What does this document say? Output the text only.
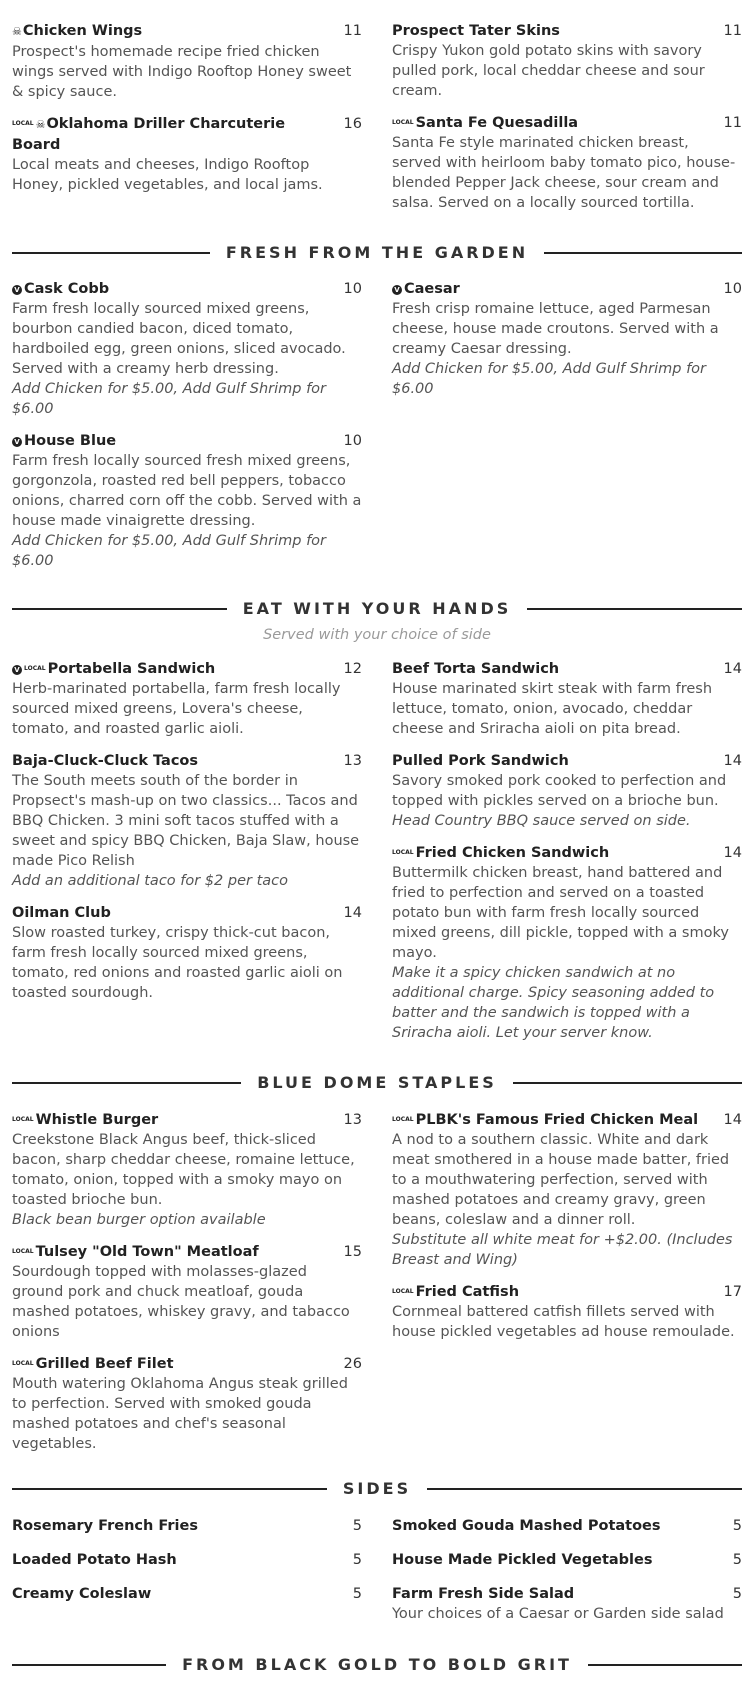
☠Chicken Wings	11
Prospect's homemade recipe fried chicken wings served with Indigo Rooftop Honey sweet & spicy sauce.
$^{LOCAL}$ ☠Oklahoma Driller Charcuterie Board
16
Local meats and cheeses, Indigo Rooftop Honey, pickled vegetables, and local jams.
Prospect Tater Skins	11
Crispy Yukon gold potato skins with savory pulled pork, local cheddar cheese and sour cream.
$^{LOCAL}$ Santa Fe Quesadilla	11
Santa Fe style marinated chicken breast, served with heirloom baby tomato pico, house-blended Pepper Jack cheese, sour cream and salsa. Served on a locally sourced tortilla.
FRESH FROM THE GARDEN
V Cask Cobb	10
Farm fresh locally sourced mixed greens, bourbon candied bacon, diced tomato, hardboiled egg, green onions, sliced avocado. Served with a creamy herb dressing.
Add Chicken for $5.00, Add Gulf Shrimp for $6.00
V House Blue	10
Farm fresh locally sourced fresh mixed greens, gorgonzola, roasted red bell peppers, tobacco onions, charred corn off the cobb. Served with a house made vinaigrette dressing.
Add Chicken for $5.00, Add Gulf Shrimp for $6.00
V Caesar	10
Fresh crisp romaine lettuce, aged Parmesan cheese, house made croutons. Served with a creamy Caesar dressing.
Add Chicken for $5.00, Add Gulf Shrimp for $6.00
EAT WITH YOUR HANDS
Served with your choice of side
V $^{LOCAL}$ Portabella Sandwich	12
Herb-marinated portabella, farm fresh locally sourced mixed greens, Lovera's cheese, tomato, and roasted garlic aioli.
Baja-Cluck-Cluck Tacos	13
The South meets south of the border in Propsect's mash-up on two classics... Tacos and BBQ Chicken. 3 mini soft tacos stuffed with a sweet and spicy BBQ Chicken, Baja Slaw, house made Pico Relish
Add an additional taco for $2 per taco
Oilman Club	14
Slow roasted turkey, crispy thick-cut bacon, farm fresh locally sourced mixed greens, tomato, red onions and roasted garlic aioli on toasted sourdough.
Beef Torta Sandwich	14
House marinated skirt steak with farm fresh lettuce, tomato, onion, avocado, cheddar cheese and Sriracha aioli on pita bread.
Pulled Pork Sandwich	14
Savory smoked pork cooked to perfection and topped with pickles served on a brioche bun.
Head Country BBQ sauce served on side.
$^{LOCAL}$ Fried Chicken Sandwich	14
Buttermilk chicken breast, hand battered and fried to perfection and served on a toasted potato bun with farm fresh locally sourced mixed greens, dill pickle, topped with a smoky mayo.
Make it a spicy chicken sandwich at no additional charge. Spicy seasoning added to batter and the sandwich is topped with a Sriracha aioli. Let your server know.
BLUE DOME STAPLES
$^{LOCAL}$ Whistle Burger	13
Creekstone Black Angus beef, thick-sliced bacon, sharp cheddar cheese, romaine lettuce, tomato, onion, topped with a smoky mayo on toasted brioche bun.
Black bean burger option available
$^{LOCAL}$ Tulsey "Old Town" Meatloaf	15
Sourdough topped with molasses-glazed ground pork and chuck meatloaf, gouda mashed potatoes, whiskey gravy, and tabacco onions
$^{LOCAL}$ Grilled Beef Filet	26
Mouth watering Oklahoma Angus steak grilled to perfection. Served with smoked gouda mashed potatoes and chef's seasonal vegetables.
$^{LOCAL}$ PLBK's Famous Fried Chicken Meal	14
A nod to a southern classic. White and dark meat smothered in a house made batter, fried to a mouthwatering perfection, served with mashed potatoes and creamy gravy, green beans, coleslaw and a dinner roll.
Substitute all white meat for +$2.00. (Includes Breast and Wing)
$^{LOCAL}$ Fried Catfish	17
Cornmeal battered catfish fillets served with house pickled vegetables ad house remoulade.
SIDES
Rosemary French Fries	5
Loaded Potato Hash	5
Creamy Coleslaw	5
Smoked Gouda Mashed Potatoes	5
House Made Pickled Vegetables	5
Farm Fresh Side Salad	5
Your choices of a Caesar or Garden side salad
FROM BLACK GOLD TO BOLD GRIT
